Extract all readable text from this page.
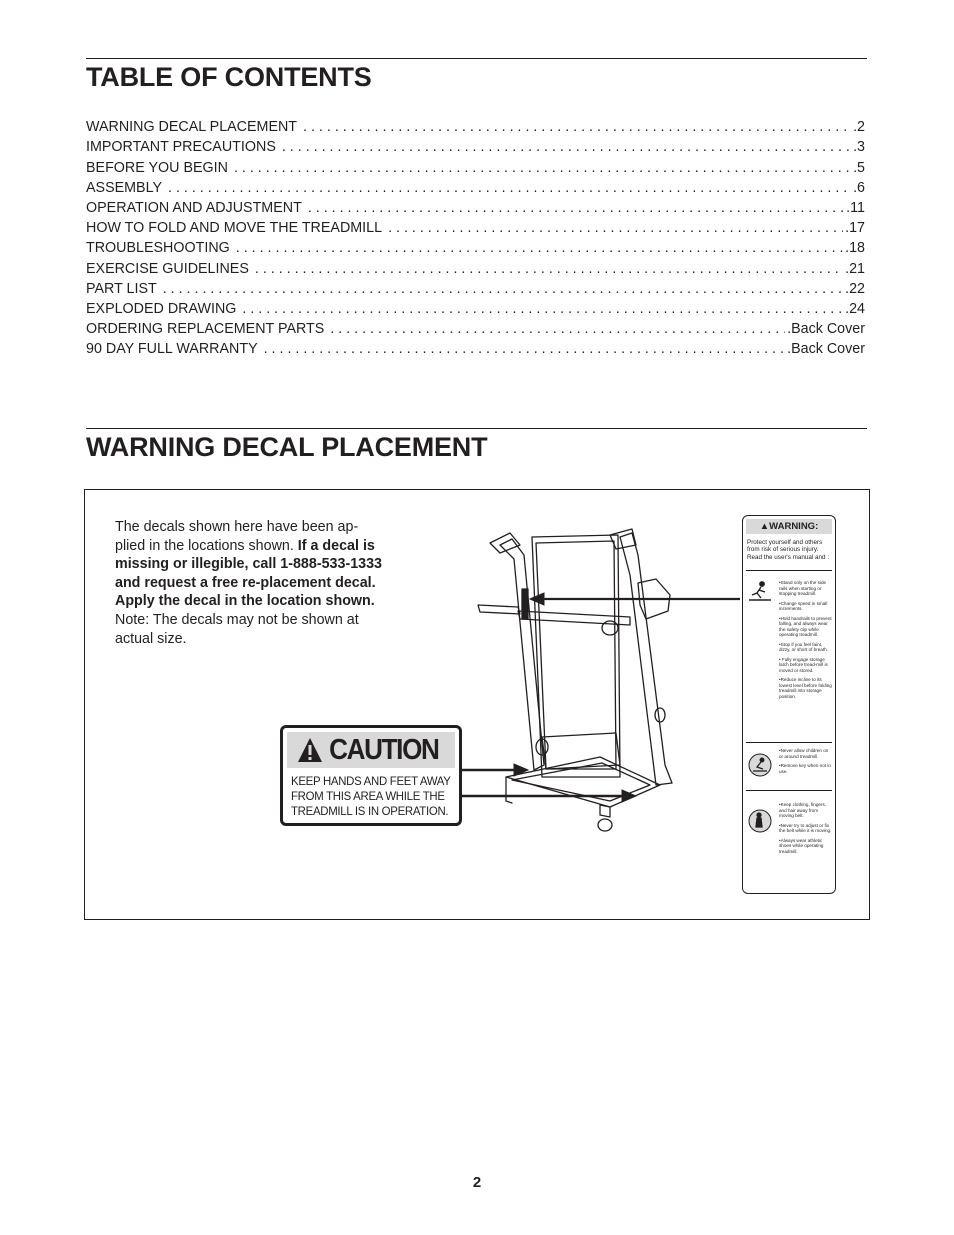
TABLE OF CONTENTS
WARNING DECAL PLACEMENT . . .	.2
IMPORTANT PRECAUTIONS . . .	.3
BEFORE YOU BEGIN . . .	.5
ASSEMBLY . . .	.6
OPERATION AND ADJUSTMENT . . .	.11
HOW TO FOLD AND MOVE THE TREADMILL . . .	.17
TROUBLESHOOTING . . .	.18
EXERCISE GUIDELINES . . .	.21
PART LIST . . .	.22
EXPLODED DRAWING . . .	.24
ORDERING REPLACEMENT PARTS . . .	.Back Cover
90 DAY FULL WARRANTY . . .	.Back Cover
WARNING DECAL PLACEMENT

The decals shown here have been ap-plied in the locations shown. If a decal is missing or illegible, call 1-888-533-1333 and request a free re-placement decal. Apply the decal in the location shown. Note: The decals may not be shown at actual size.

CAUTION
KEEP HANDS AND FEET AWAY
FROM THIS AREA WHILE THE
TREADMILL IS IN OPERATION.
▲WARNING:
Protect yourself and others from risk of serious injury. Read the user's manual and :
•Stand only on the side rails when starting or stopping treadmill.
•Change speed in small increments.
•Hold handrails to prevent falling, and always wear the safety clip while operating treadmill.
•Stop if you feel faint, dizzy, or short of breath.
• Fully engage storage latch before tread-mill is moved or stored.
•Reduce incline to its lowest level before folding treadmill into storage position.
•Never allow children on or around treadmill.
•Remove key when not in use.
•Keep clothing, fingers, and hair away from moving belt.
•Never try to adjust or fix the belt while it is moving.
•Always wear athletic shoes while operating treadmill.
2
